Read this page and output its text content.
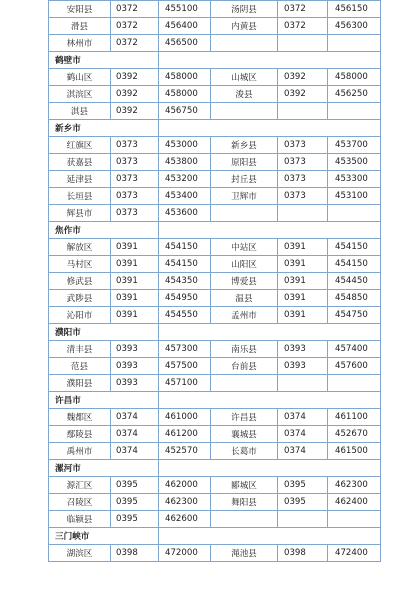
安阳县	0372	455100	汤阴县	0372	456150
滑县	0372	456400	内黄县	0372	456300
林州市	0372	456500			
鹤壁市					
鹤山区	0392	458000	山城区	0392	458000
淇滨区	0392	458000	浚县	0392	456250
淇县	0392	456750			
新乡市					
红旗区	0373	453000	新乡县	0373	453700
获嘉县	0373	453800	原阳县	0373	453500
延津县	0373	453200	封丘县	0373	453300
长垣县	0373	453400	卫辉市	0373	453100
辉县市	0373	453600			
焦作市					
解放区	0391	454150	中站区	0391	454150
马村区	0391	454150	山阳区	0391	454150
修武县	0391	454350	博爱县	0391	454450
武陟县	0391	454950	温县	0391	454850
沁阳市	0391	454550	孟州市	0391	454750
濮阳市					
清丰县	0393	457300	南乐县	0393	457400
范县	0393	457500	台前县	0393	457600
濮阳县	0393	457100			
许昌市					
魏都区	0374	461000	许昌县	0374	461100
鄢陵县	0374	461200	襄城县	0374	452670
禹州市	0374	452570	长葛市	0374	461500
漯河市					
源汇区	0395	462000	郾城区	0395	462300
召陵区	0395	462300	舞阳县	0395	462400
临颍县	0395	462600			
三门峡市					
湖滨区	0398	472000	渑池县	0398	472400
